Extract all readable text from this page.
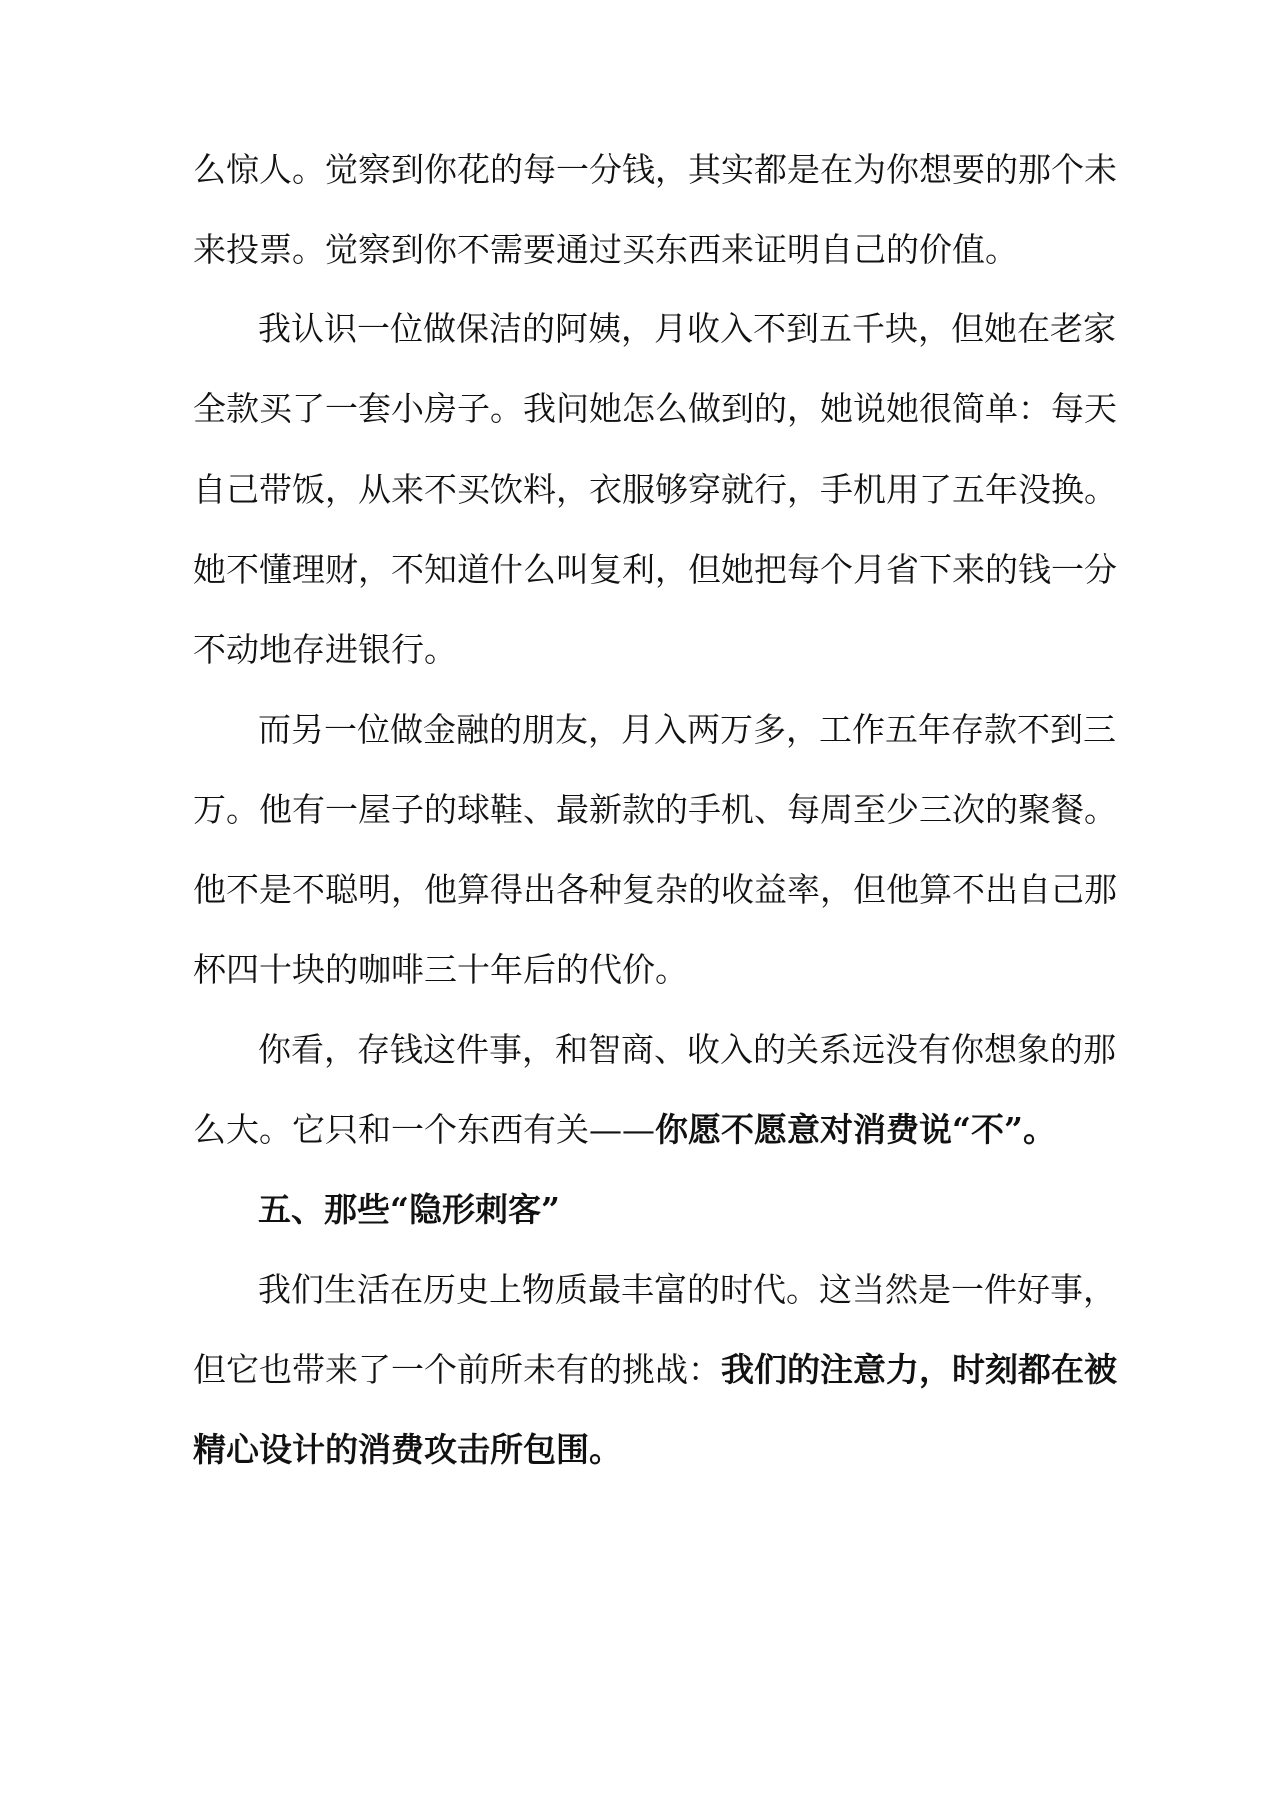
么惊人。觉察到你花的每一分钱，其实都是在为你想要的那个未
来投票。觉察到你不需要通过买东西来证明自己的价值。
我认识一位做保洁的阿姨，月收入不到五千块，但她在老家
全款买了一套小房子。我问她怎么做到的，她说她很简单：每天
自己带饭，从来不买饮料，衣服够穿就行，手机用了五年没换。
她不懂理财，不知道什么叫复利，但她把每个月省下来的钱一分
不动地存进银行。
而另一位做金融的朋友，月入两万多，工作五年存款不到三
万。他有一屋子的球鞋、最新款的手机、每周至少三次的聚餐。
他不是不聪明，他算得出各种复杂的收益率，但他算不出自己那
杯四十块的咖啡三十年后的代价。
你看，存钱这件事，和智商、收入的关系远没有你想象的那
么大。它只和一个东西有关——你愿不愿意对消费说“不”。
五、那些“隐形刺客”
我们生活在历史上物质最丰富的时代。这当然是一件好事，
但它也带来了一个前所未有的挑战：我们的注意力，时刻都在被
精心设计的消费攻击所包围。
